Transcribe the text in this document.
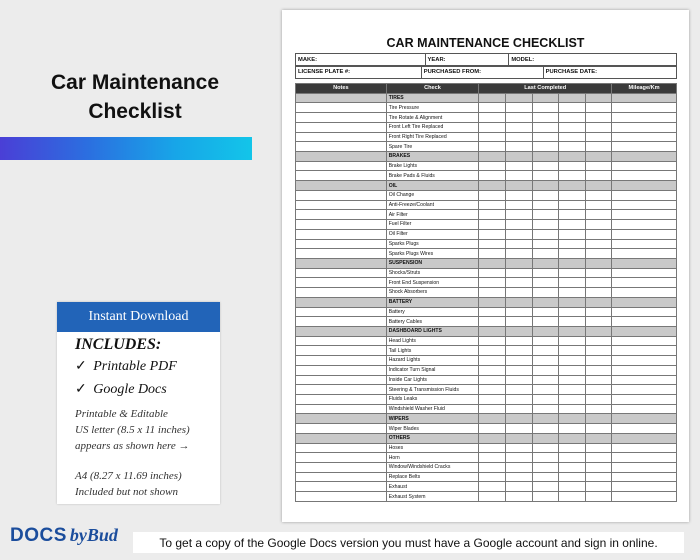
Car Maintenance
Checklist
Instant Download
INCLUDES:
✓ Printable PDF
✓ Google Docs
Printable & Editable
US letter (8.5 x 11 inches)
appears as shown here →
A4 (8.27 x 11.69 inches)
Included but not shown
DOCS byBud	To get a copy of the Google Docs version you must have a Google account and sign in online.
CAR MAINTENANCE CHECKLIST
MAKE:	YEAR:	MODEL:
LICENSE PLATE #:	PURCHASED FROM:	PURCHASE DATE:
Notes	Check	Last Completed					Mileage/Km
	TIRES						
	Tire Pressure						
	Tire Rotate & Alignment						
	Front Left Tire Replaced						
	Front Right Tire Replaced						
	Spare Tire						
	BRAKES						
	Brake Lights						
	Brake Pads & Fluids						
	OIL						
	Oil Change						
	Anti-Freeze/Coolant						
	Air Filter						
	Fuel Filter						
	Oil Filter						
	Sparks Plugs						
	Sparks Plugs Wires						
	SUSPENSION						
	Shocks/Struts						
	Front End Suspension						
	Shock Absorbers						
	BATTERY						
	Battery						
	Battery Cables						
	DASHBOARD LIGHTS						
	Head Lights						
	Tail Lights						
	Hazard Lights						
	Indicator Turn Signal						
	Inside Car Lights						
	Steering & Transmission Fluids						
	Fluids Leaks						
	Windshield Washer Fluid						
	WIPERS						
	Wiper Blades						
	OTHERS						
	Hoses						
	Horn						
	Window/Windshield Cracks						
	Replace Belts						
	Exhaust						
	Exhaust System						
